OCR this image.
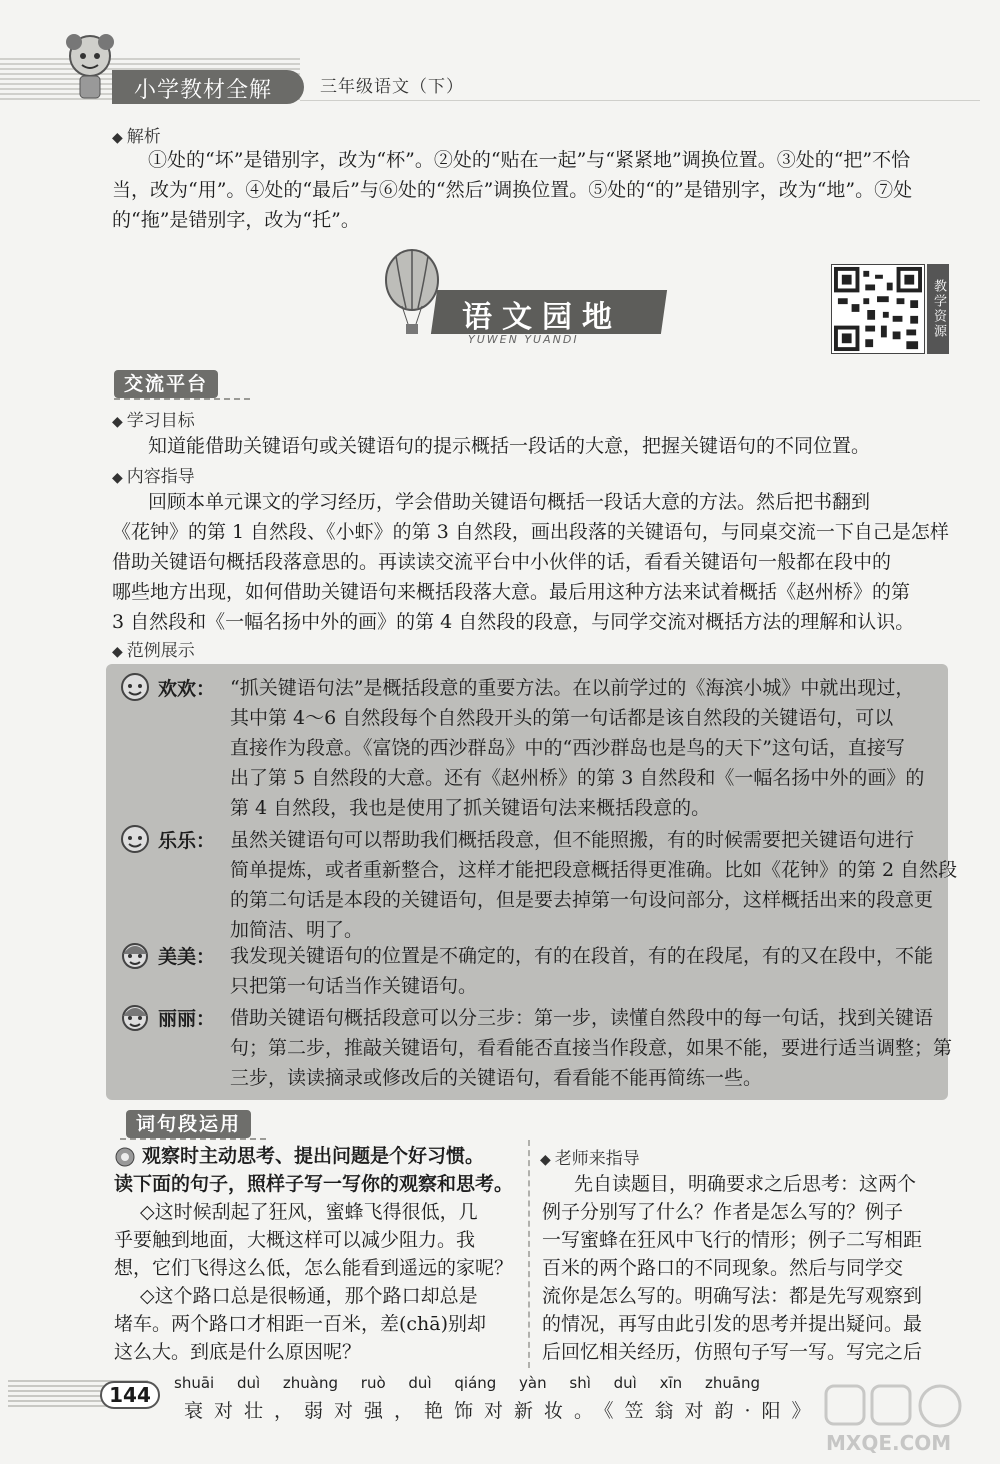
小学教材全解	三年级语文（下）
◆ 解析
①处的“坏”是错别字，改为“杯”。②处的“贴在一起”与“紧紧地”调换位置。③处的“把”不恰
当，改为“用”。④处的“最后”与⑥处的“然后”调换位置。⑤处的“的”是错别字，改为“地”。⑦处
的“拖”是错别字，改为“托”。
语文园地
YUWEN YUANDI
教学资源
交流平台
◆ 学习目标
知道能借助关键语句或关键语句的提示概括一段话的大意，把握关键语句的不同位置。
◆ 内容指导
回顾本单元课文的学习经历，学会借助关键语句概括一段话大意的方法。然后把书翻到
《花钟》的第 1 自然段、《小虾》的第 3 自然段，画出段落的关键语句，与同桌交流一下自己是怎样
借助关键语句概括段落意思的。再读读交流平台中小伙伴的话，看看关键语句一般都在段中的
哪些地方出现，如何借助关键语句来概括段落大意。最后用这种方法来试着概括《赵州桥》的第
3 自然段和《一幅名扬中外的画》的第 4 自然段的段意，与同学交流对概括方法的理解和认识。
◆ 范例展示
欢欢： “抓关键语句法”是概括段意的重要方法。在以前学过的《海滨小城》中就出现过，
其中第 4～6 自然段每个自然段开头的第一句话都是该自然段的关键语句，可以
直接作为段意。《富饶的西沙群岛》中的“西沙群岛也是鸟的天下”这句话，直接写
出了第 5 自然段的大意。还有《赵州桥》的第 3 自然段和《一幅名扬中外的画》的
第 4 自然段，我也是使用了抓关键语句法来概括段意的。
乐乐： 虽然关键语句可以帮助我们概括段意，但不能照搬，有的时候需要把关键语句进行
简单提炼，或者重新整合，这样才能把段意概括得更准确。比如《花钟》的第 2 自然段
的第二句话是本段的关键语句，但是要去掉第一句设问部分，这样概括出来的段意更
加简洁、明了。
美美： 我发现关键语句的位置是不确定的，有的在段首，有的在段尾，有的又在段中，不能
只把第一句话当作关键语句。
丽丽： 借助关键语句概括段意可以分三步：第一步，读懂自然段中的每一句话，找到关键语
句；第二步，推敲关键语句，看看能否直接当作段意，如果不能，要进行适当调整；第
三步，读读摘录或修改后的关键语句，看看能不能再简练一些。
词句段运用
观察时主动思考、提出问题是个好习惯。
读下面的句子，照样子写一写你的观察和思考。
◇这时候刮起了狂风，蜜蜂飞得很低，几
乎要触到地面，大概这样可以减少阻力。我
想，它们飞得这么低，怎么能看到遥远的家呢？
◇这个路口总是很畅通，那个路口却总是
堵车。两个路口才相距一百米，差(chā)别却
这么大。到底是什么原因呢？
◆ 老师来指导
先自读题目，明确要求之后思考：这两个
例子分别写了什么？作者是怎么写的？例子
一写蜜蜂在狂风中飞行的情形；例子二写相距
百米的两个路口的不同现象。然后与同学交
流你是怎么写的。明确写法：都是先写观察到
的情况，再写由此引发的思考并提出疑问。最
后回忆相关经历，仿照句子写一写。写完之后
144	shuāi duì zhuàng ruò duì qiáng yàn shì duì xīn zhuāng
衰对壮，弱对强，艳饰对新妆。《笠翁对韵·阳》
MXQE.COM
